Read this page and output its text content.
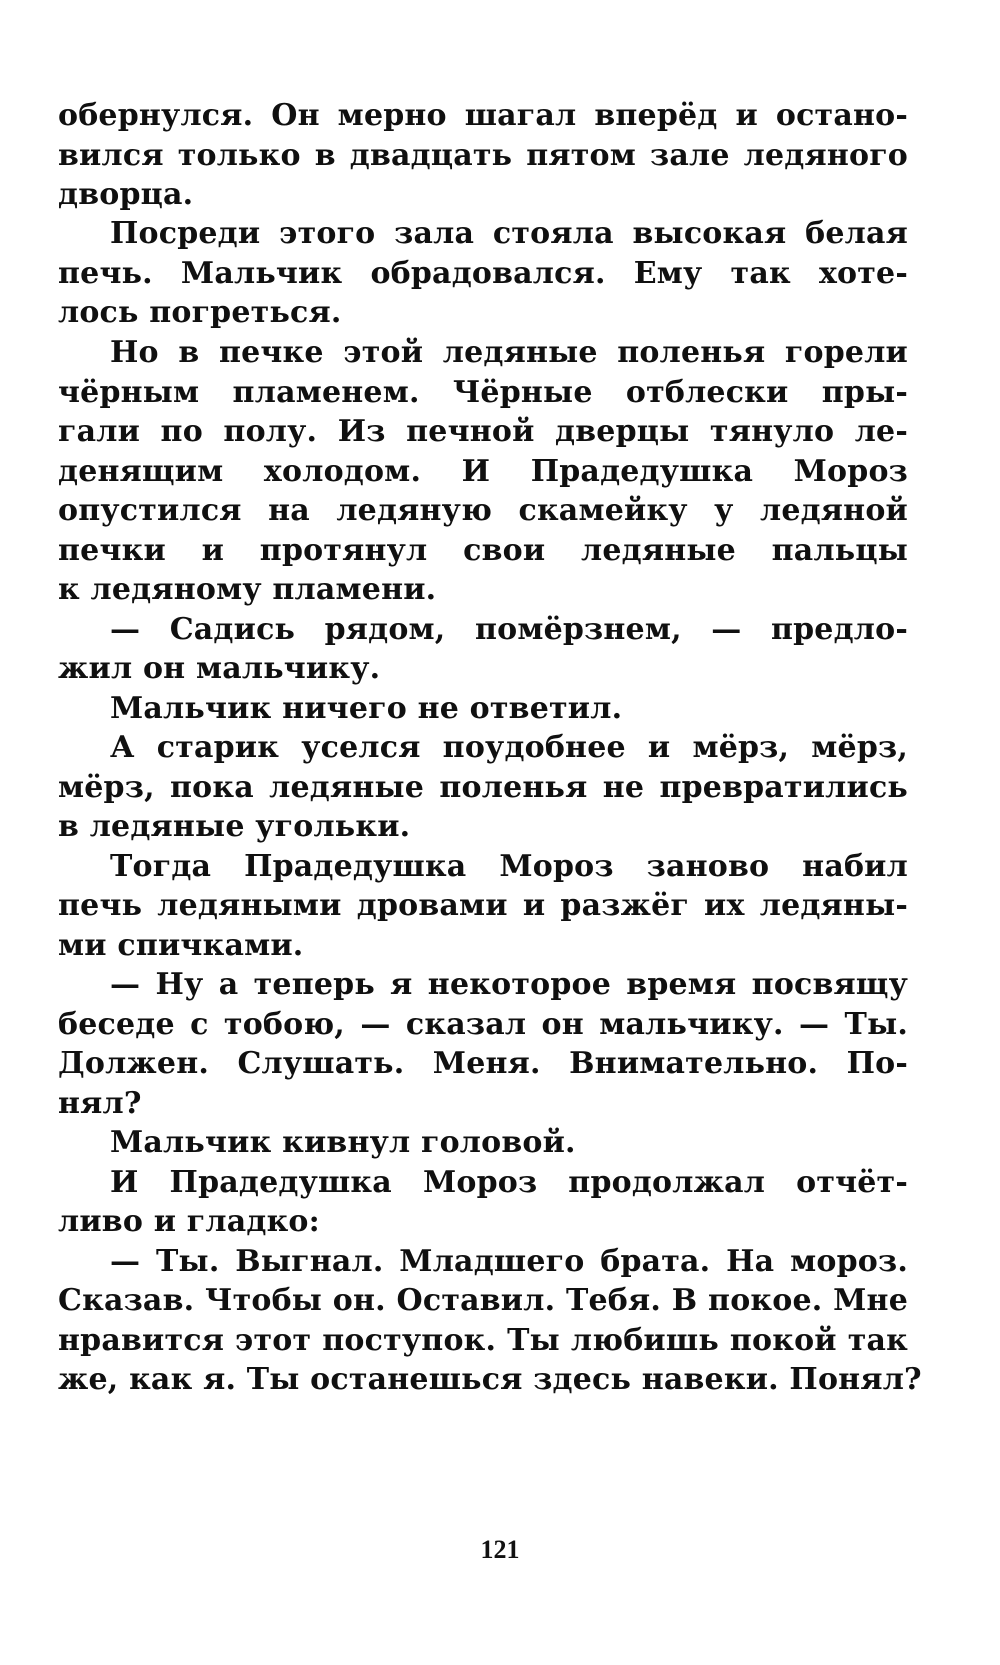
обернулся. Он мерно шагал вперёд и остано-
вился только в двадцать пятом зале ледяного
дворца.
Посреди этого зала стояла высокая белая
печь. Мальчик обрадовался. Ему так хоте-
лось погреться.
Но в печке этой ледяные поленья горели
чёрным пламенем. Чёрные отблески пры-
гали по полу. Из печной дверцы тянуло ле-
денящим холодом. И Прадедушка Мороз
опустился на ледяную скамейку у ледяной
печки и протянул свои ледяные пальцы
к ледяному пламени.
— Садись рядом, помёрзнем, — предло-
жил он мальчику.
Мальчик ничего не ответил.
А старик уселся поудобнее и мёрз, мёрз,
мёрз, пока ледяные поленья не превратились
в ледяные угольки.
Тогда Прадедушка Мороз заново набил
печь ледяными дровами и разжёг их ледяны-
ми спичками.
— Ну а теперь я некоторое время посвящу
беседе с тобою, — сказал он мальчику. — Ты.
Должен. Слушать. Меня. Внимательно. По-
нял?
Мальчик кивнул головой.
И Прадедушка Мороз продолжал отчёт-
ливо и гладко:
— Ты. Выгнал. Младшего брата. На мороз.
Сказав. Чтобы он. Оставил. Тебя. В покое. Мне
нравится этот поступок. Ты любишь покой так
же, как я. Ты останешься здесь навеки. Понял?
121
